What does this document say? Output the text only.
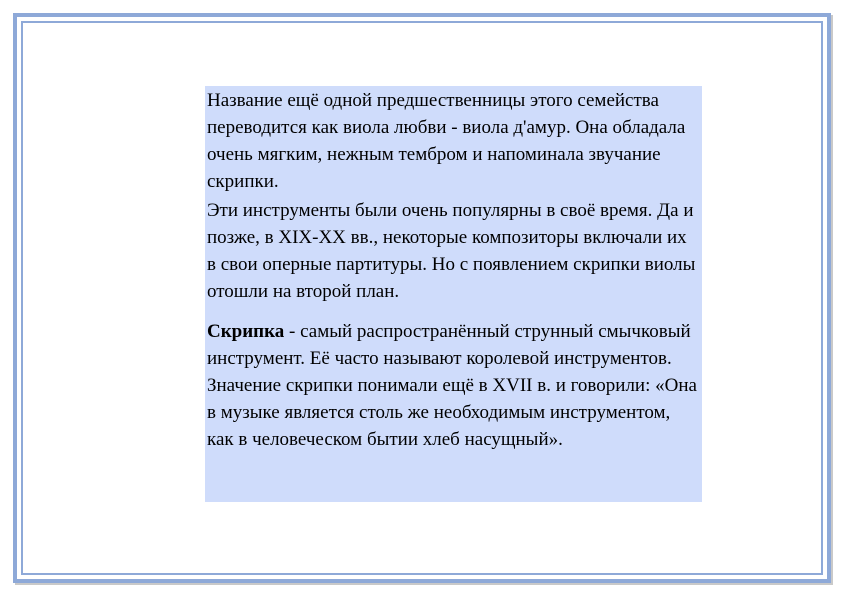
Название ещё одной предшественницы этого семейства переводится как виола любви - виола д'амур. Она обладала очень мягким, нежным тембром и напоминала звучание скрипки.

Эти инструменты были очень популярны в своё время. Да и позже, в XIX-XX вв., некоторые композиторы включали их в свои оперные партитуры. Но с появлением скрипки виолы отошли на второй план.

Скрипка - самый распространённый струнный смычковый инструмент. Её часто называют королевой инструментов. Значение скрипки понимали ещё в XVII в. и говорили: «Она в музыке является столь же необходимым инструментом, как в человеческом бытии хлеб насущный».
